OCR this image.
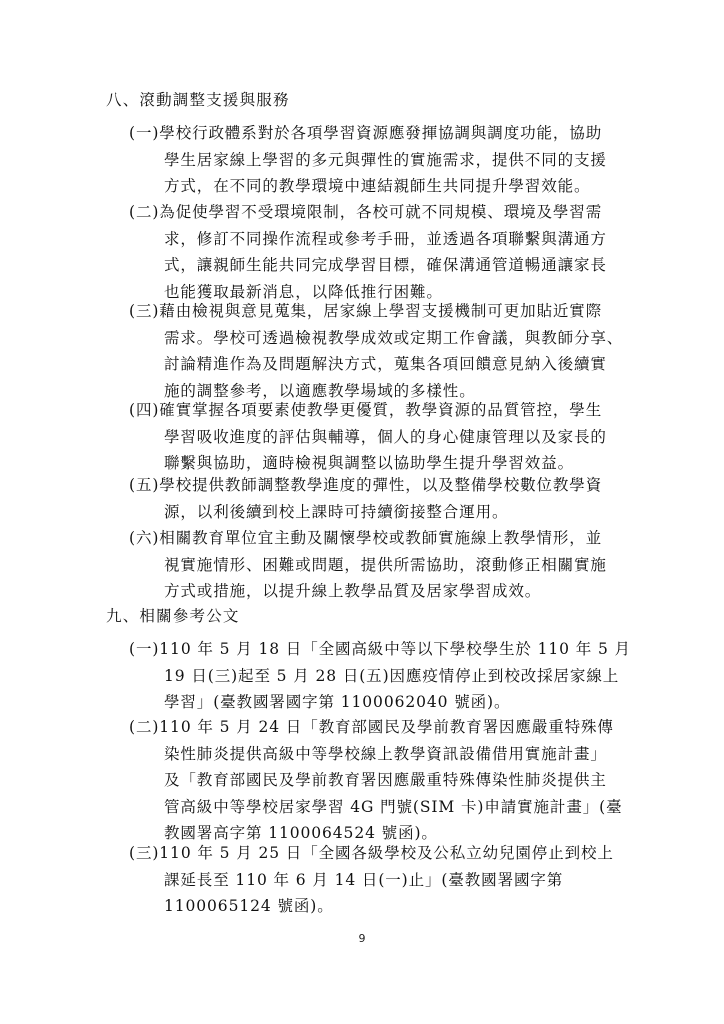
八、滾動調整支援與服務
(一)學校行政體系對於各項學習資源應發揮協調與調度功能，協助
學生居家線上學習的多元與彈性的實施需求，提供不同的支援
方式，在不同的教學環境中連結親師生共同提升學習效能。
(二)為促使學習不受環境限制，各校可就不同規模、環境及學習需
求，修訂不同操作流程或參考手冊，並透過各項聯繫與溝通方
式，讓親師生能共同完成學習目標，確保溝通管道暢通讓家長
也能獲取最新消息，以降低推行困難。
(三)藉由檢視與意見蒐集，居家線上學習支援機制可更加貼近實際
需求。學校可透過檢視教學成效或定期工作會議，與教師分享、
討論精進作為及問題解決方式，蒐集各項回饋意見納入後續實
施的調整參考，以適應教學場域的多樣性。
(四)確實掌握各項要素使教學更優質，教學資源的品質管控，學生
學習吸收進度的評估與輔導，個人的身心健康管理以及家長的
聯繫與協助，適時檢視與調整以協助學生提升學習效益。
(五)學校提供教師調整教學進度的彈性，以及整備學校數位教學資
源，以利後續到校上課時可持續銜接整合運用。
(六)相關教育單位宜主動及關懷學校或教師實施線上教學情形，並
視實施情形、困難或問題，提供所需協助，滾動修正相關實施
方式或措施，以提升線上教學品質及居家學習成效。
九、相關參考公文
(一)110 年 5 月 18 日「全國高級中等以下學校學生於 110 年 5 月
19 日(三)起至 5 月 28 日(五)因應疫情停止到校改採居家線上
學習」(臺教國署國字第 1100062040 號函)。
(二)110 年 5 月 24 日「教育部國民及學前教育署因應嚴重特殊傳
染性肺炎提供高級中等學校線上教學資訊設備借用實施計畫」
及「教育部國民及學前教育署因應嚴重特殊傳染性肺炎提供主
管高級中等學校居家學習 4G 門號(SIM 卡)申請實施計畫」(臺
教國署高字第 1100064524 號函)。
(三)110 年 5 月 25 日「全國各級學校及公私立幼兒園停止到校上
課延長至 110 年 6 月 14 日(一)止」(臺教國署國字第
1100065124 號函)。
9
